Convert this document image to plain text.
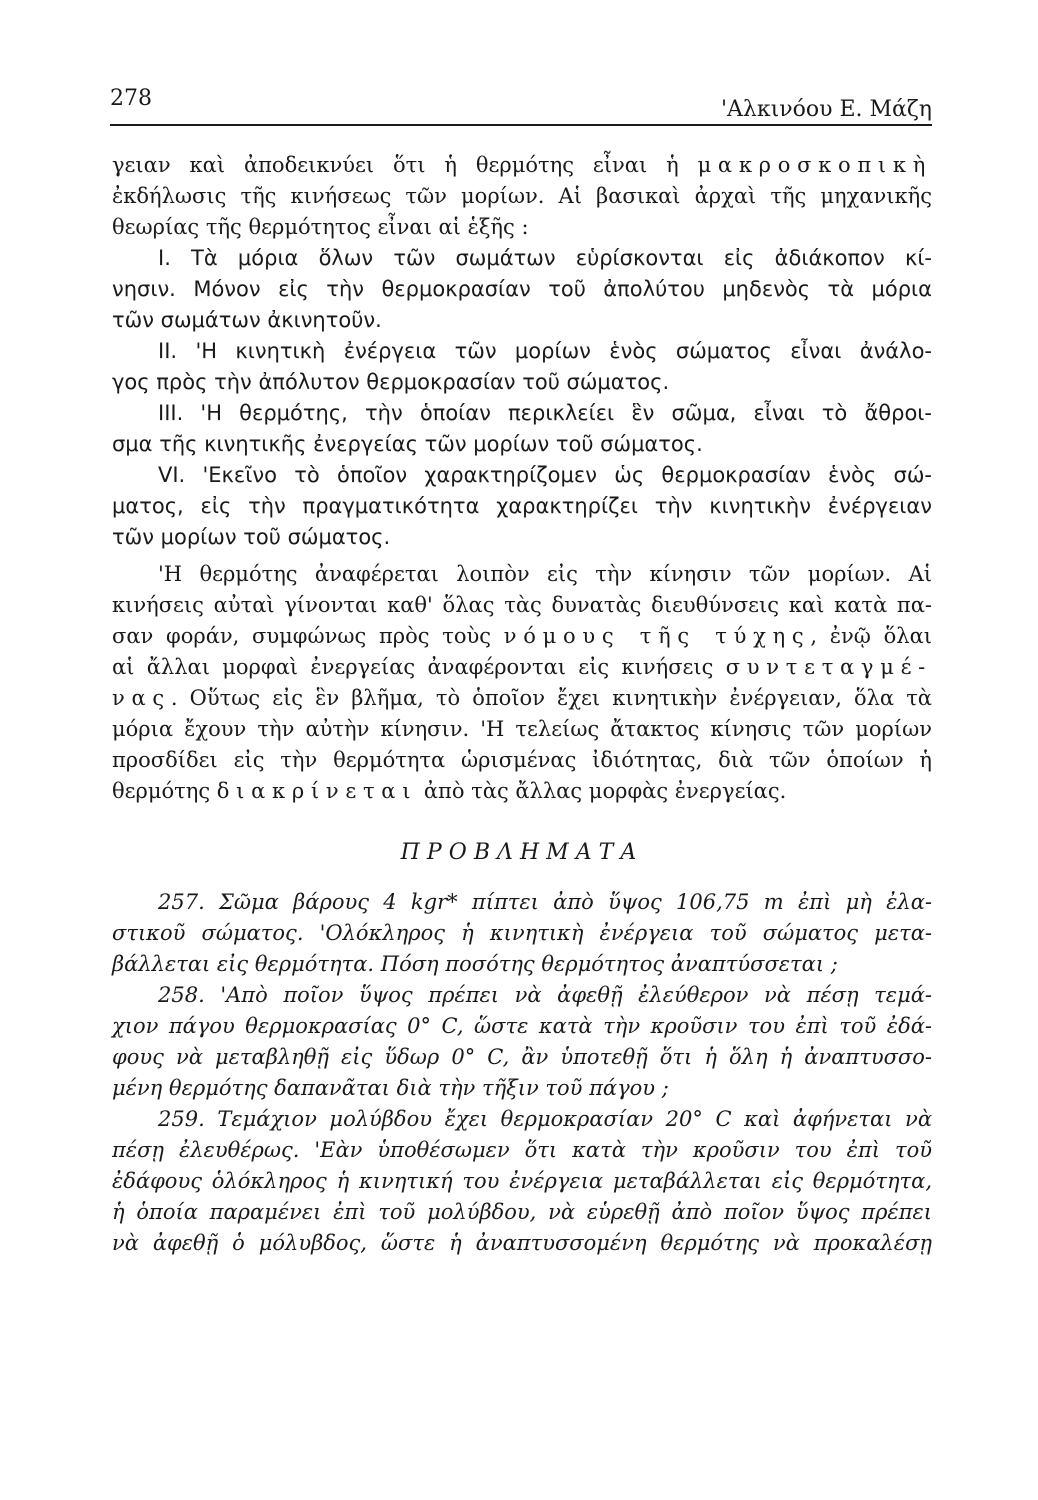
278	'Αλκινόου Ε. Μάζη
γειαν καὶ ἀποδεικνύει ὅτι ἡ θερμότης εἶναι ἡ μακροσκοπικὴ
ἐκδήλωσις τῆς κινήσεως τῶν μορίων. Αἱ βασικαὶ ἀρχαὶ τῆς μηχανικῆς
θεωρίας τῆς θερμότητος εἶναι αἱ ἑξῆς :
Ι. Τὰ μόρια ὅλων τῶν σωμάτων εὑρίσκονται εἰς ἀδιάκοπον κί-
νησιν. Μόνον εἰς τὴν θερμοκρασίαν τοῦ ἀπολύτου μηδενὸς τὰ μόρια
τῶν σωμάτων ἀκινητοῦν.
ΙΙ. 'Η κινητικὴ ἐνέργεια τῶν μορίων ἑνὸς σώματος εἶναι ἀνάλο-
γος πρὸς τὴν ἀπόλυτον θερμοκρασίαν τοῦ σώματος.
ΙΙΙ. 'Η θερμότης, τὴν ὁποίαν περικλείει ἓν σῶμα, εἶναι τὸ ἄθροι-
σμα τῆς κινητικῆς ἐνεργείας τῶν μορίων τοῦ σώματος.
VI. 'Εκεῖνο τὸ ὁποῖον χαρακτηρίζομεν ὡς θερμοκρασίαν ἑνὸς σώ-
ματος, εἰς τὴν πραγματικότητα χαρακτηρίζει τὴν κινητικὴν ἐνέργειαν
τῶν μορίων τοῦ σώματος.
'Η θερμότης ἀναφέρεται λοιπὸν εἰς τὴν κίνησιν τῶν μορίων. Αἱ
κινήσεις αὐταὶ γίνονται καθ' ὅλας τὰς δυνατὰς διευθύνσεις καὶ κατὰ πα-
σαν φοράν, συμφώνως πρὸς τοὺς νόμους τῆς τύχης, ἐνῷ ὅλαι
αἱ ἄλλαι μορφαὶ ἐνεργείας ἀναφέρονται εἰς κινήσεις συντεταγμέ-
νας. Οὕτως εἰς ἓν βλῆμα, τὸ ὁποῖον ἔχει κινητικὴν ἐνέργειαν, ὅλα τὰ
μόρια ἔχουν τὴν αὐτὴν κίνησιν. 'Η τελείως ἄτακτος κίνησις τῶν μορίων
προσδίδει εἰς τὴν θερμότητα ὡρισμένας ἰδιότητας, διὰ τῶν ὁποίων ἡ
θερμότης διακρίνεται ἀπὸ τὰς ἄλλας μορφὰς ἐνεργείας.
ΠΡΟΒΛΗΜΑΤΑ
257. Σῶμα βάρους 4 kgr* πίπτει ἀπὸ ὕψος 106,75 m ἐπὶ μὴ ἐλα-
στικοῦ σώματος. 'Ολόκληρος ἡ κινητικὴ ἐνέργεια τοῦ σώματος μετα-
βάλλεται εἰς θερμότητα. Πόση ποσότης θερμότητος ἀναπτύσσεται ;
258. 'Απὸ ποῖον ὕψος πρέπει νὰ ἀφεθῇ ἐλεύθερον νὰ πέσῃ τεμά-
χιον πάγου θερμοκρασίας 0° C, ὥστε κατὰ τὴν κροῦσιν του ἐπὶ τοῦ ἐδά-
φους νὰ μεταβληθῇ εἰς ὕδωρ 0° C, ἂν ὑποτεθῇ ὅτι ἡ ὅλη ἡ ἀναπτυσσο-
μένη θερμότης δαπανᾶται διὰ τὴν τῆξιν τοῦ πάγου ;
259. Τεμάχιον μολύβδου ἔχει θερμοκρασίαν 20° C καὶ ἀφήνεται νὰ
πέσῃ ἐλευθέρως. 'Εὰν ὑποθέσωμεν ὅτι κατὰ τὴν κροῦσιν του ἐπὶ τοῦ
ἐδάφους ὁλόκληρος ἡ κινητική του ἐνέργεια μεταβάλλεται εἰς θερμότητα,
ἡ ὁποία παραμένει ἐπὶ τοῦ μολύβδου, νὰ εὑρεθῇ ἀπὸ ποῖον ὕψος πρέπει
νὰ ἀφεθῇ ὁ μόλυβδος, ὥστε ἡ ἀναπτυσσομένη θερμότης νὰ προκαλέσῃ
